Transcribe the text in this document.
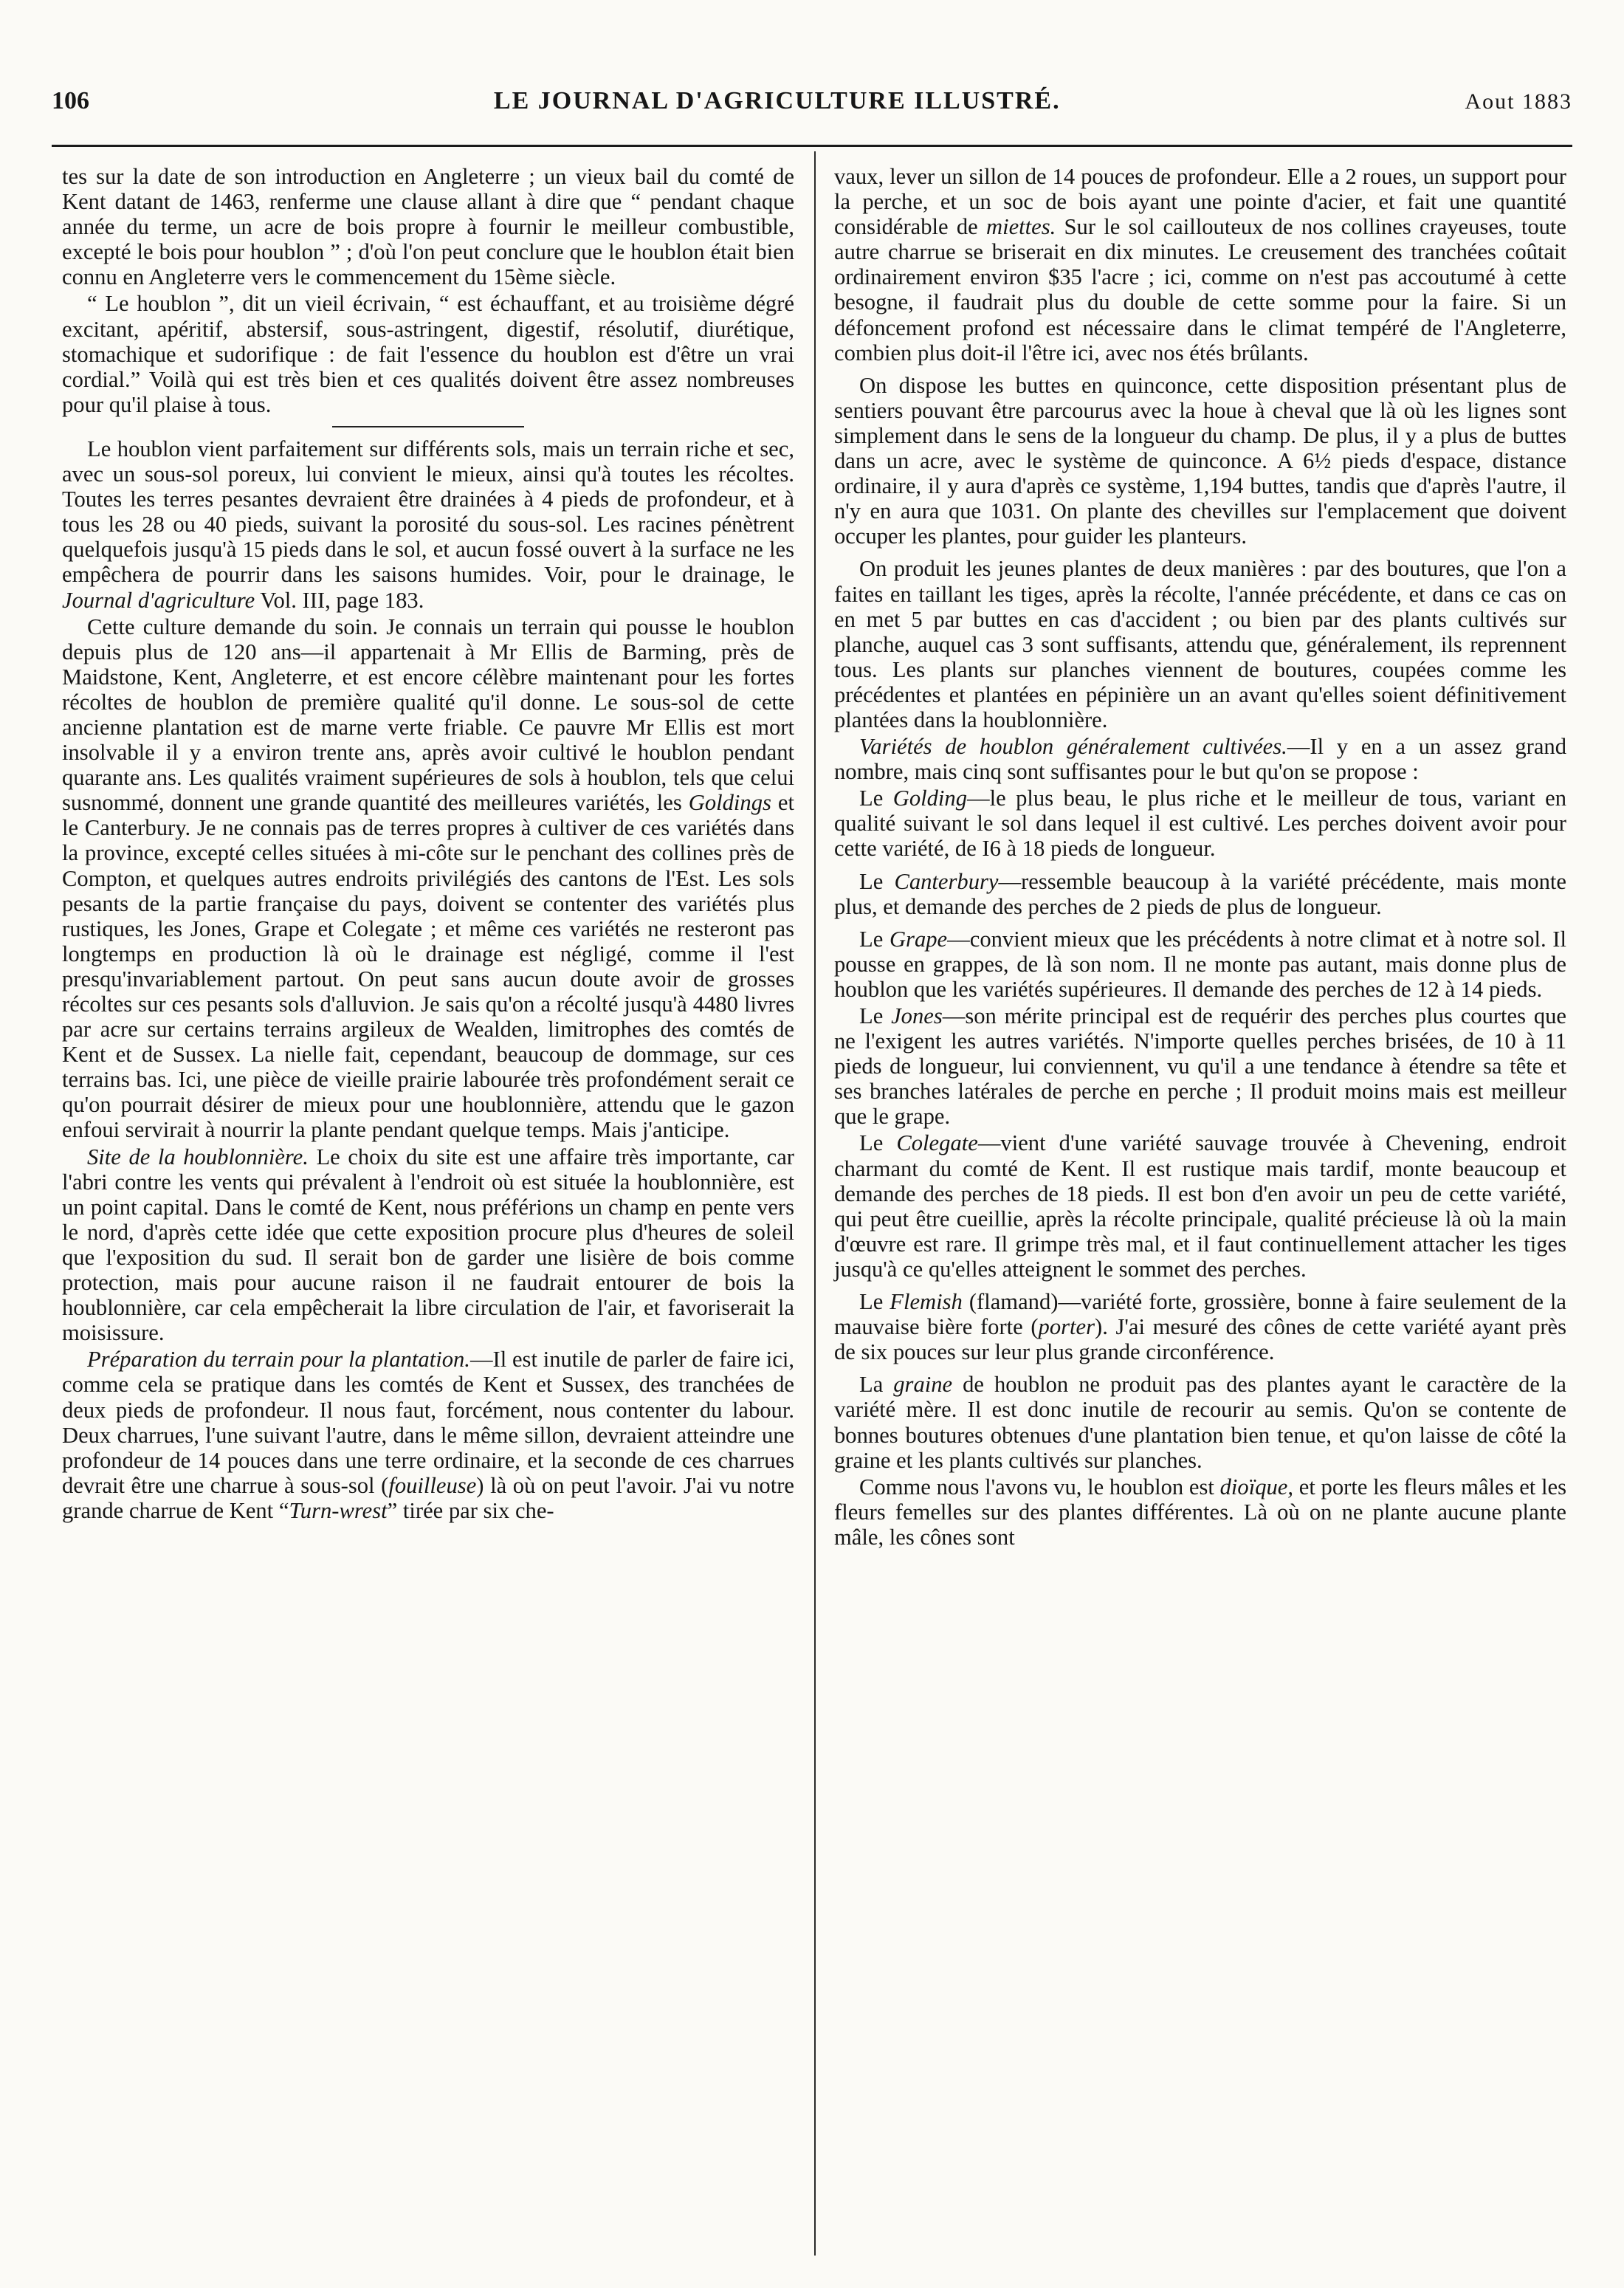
106	LE JOURNAL D'AGRICULTURE ILLUSTRÉ.	Aout 1883

tes sur la date de son introduction en Angleterre ; un vieux bail du comté de Kent datant de 1463, renferme une clause allant à dire que “ pendant chaque année du terme, un acre de bois propre à fournir le meilleur combustible, excepté le bois pour houblon ” ; d'où l'on peut conclure que le houblon était bien connu en Angleterre vers le commencement du 15ème siècle.

“ Le houblon ”, dit un vieil écrivain, “ est échauffant, et au troisième dégré excitant, apéritif, abstersif, sous-astringent, digestif, résolutif, diurétique, stomachique et sudorifique : de fait l'essence du houblon est d'être un vrai cordial.” Voilà qui est très bien et ces qualités doivent être assez nombreuses pour qu'il plaise à tous.

Le houblon vient parfaitement sur différents sols, mais un terrain riche et sec, avec un sous-sol poreux, lui convient le mieux, ainsi qu'à toutes les récoltes. Toutes les terres pesantes devraient être drainées à 4 pieds de profondeur, et à tous les 28 ou 40 pieds, suivant la porosité du sous-sol. Les racines pénètrent quelquefois jusqu'à 15 pieds dans le sol, et aucun fossé ouvert à la surface ne les empêchera de pourrir dans les saisons humides. Voir, pour le drainage, le Journal d'agriculture Vol. III, page 183.

Cette culture demande du soin. Je connais un terrain qui pousse le houblon depuis plus de 120 ans—il appartenait à Mr Ellis de Barming, près de Maidstone, Kent, Angleterre, et est encore célèbre maintenant pour les fortes récoltes de houblon de première qualité qu'il donne. Le sous-sol de cette ancienne plantation est de marne verte friable. Ce pauvre Mr Ellis est mort insolvable il y a environ trente ans, après avoir cultivé le houblon pendant quarante ans. Les qualités vraiment supérieures de sols à houblon, tels que celui susnommé, donnent une grande quantité des meilleures variétés, les Goldings et le Canterbury. Je ne connais pas de terres propres à cultiver de ces variétés dans la province, excepté celles situées à mi-côte sur le penchant des collines près de Compton, et quelques autres endroits privilégiés des cantons de l'Est. Les sols pesants de la partie française du pays, doivent se contenter des variétés plus rustiques, les Jones, Grape et Colegate ; et même ces variétés ne resteront pas longtemps en production là où le drainage est négligé, comme il l'est presqu'invariablement partout. On peut sans aucun doute avoir de grosses récoltes sur ces pesants sols d'alluvion. Je sais qu'on a récolté jusqu'à 4480 livres par acre sur certains terrains argileux de Wealden, limitrophes des comtés de Kent et de Sussex. La nielle fait, cependant, beaucoup de dommage, sur ces terrains bas. Ici, une pièce de vieille prairie labourée très profondément serait ce qu'on pourrait désirer de mieux pour une houblonnière, attendu que le gazon enfoui servirait à nourrir la plante pendant quelque temps. Mais j'anticipe.

Site de la houblonnière. Le choix du site est une affaire très importante, car l'abri contre les vents qui prévalent à l'endroit où est située la houblonnière, est un point capital. Dans le comté de Kent, nous préférions un champ en pente vers le nord, d'après cette idée que cette exposition procure plus d'heures de soleil que l'exposition du sud. Il serait bon de garder une lisière de bois comme protection, mais pour aucune raison il ne faudrait entourer de bois la houblonnière, car cela empêcherait la libre circulation de l'air, et favoriserait la moisissure.

Préparation du terrain pour la plantation.—Il est inutile de parler de faire ici, comme cela se pratique dans les comtés de Kent et Sussex, des tranchées de deux pieds de profondeur. Il nous faut, forcément, nous contenter du labour. Deux charrues, l'une suivant l'autre, dans le même sillon, devraient atteindre une profondeur de 14 pouces dans une terre ordinaire, et la seconde de ces charrues devrait être une charrue à sous-sol (fouilleuse) là où on peut l'avoir. J'ai vu notre grande charrue de Kent “Turn-wrest” tirée par six che-

vaux, lever un sillon de 14 pouces de profondeur. Elle a 2 roues, un support pour la perche, et un soc de bois ayant une pointe d'acier, et fait une quantité considérable de miettes. Sur le sol caillouteux de nos collines crayeuses, toute autre charrue se briserait en dix minutes. Le creusement des tranchées coûtait ordinairement environ $35 l'acre ; ici, comme on n'est pas accoutumé à cette besogne, il faudrait plus du double de cette somme pour la faire. Si un défoncement profond est nécessaire dans le climat tempéré de l'Angleterre, combien plus doit-il l'être ici, avec nos étés brûlants.

On dispose les buttes en quinconce, cette disposition présentant plus de sentiers pouvant être parcourus avec la houe à cheval que là où les lignes sont simplement dans le sens de la longueur du champ. De plus, il y a plus de buttes dans un acre, avec le système de quinconce. A 6½ pieds d'espace, distance ordinaire, il y aura d'après ce système, 1,194 buttes, tandis que d'après l'autre, il n'y en aura que 1031. On plante des chevilles sur l'emplacement que doivent occuper les plantes, pour guider les planteurs.

On produit les jeunes plantes de deux manières : par des boutures, que l'on a faites en taillant les tiges, après la récolte, l'année précédente, et dans ce cas on en met 5 par buttes en cas d'accident ; ou bien par des plants cultivés sur planche, auquel cas 3 sont suffisants, attendu que, généralement, ils reprennent tous. Les plants sur planches viennent de boutures, coupées comme les précédentes et plantées en pépinière un an avant qu'elles soient définitivement plantées dans la houblonnière.

Variétés de houblon généralement cultivées.—Il y en a un assez grand nombre, mais cinq sont suffisantes pour le but qu'on se propose :

Le Golding—le plus beau, le plus riche et le meilleur de tous, variant en qualité suivant le sol dans lequel il est cultivé. Les perches doivent avoir pour cette variété, de I6 à 18 pieds de longueur.

Le Canterbury—ressemble beaucoup à la variété précédente, mais monte plus, et demande des perches de 2 pieds de plus de longueur.

Le Grape—convient mieux que les précédents à notre climat et à notre sol. Il pousse en grappes, de là son nom. Il ne monte pas autant, mais donne plus de houblon que les variétés supérieures. Il demande des perches de 12 à 14 pieds.

Le Jones—son mérite principal est de requérir des perches plus courtes que ne l'exigent les autres variétés. N'importe quelles perches brisées, de 10 à 11 pieds de longueur, lui conviennent, vu qu'il a une tendance à étendre sa tête et ses branches latérales de perche en perche ; Il produit moins mais est meilleur que le grape.

Le Colegate—vient d'une variété sauvage trouvée à Chevening, endroit charmant du comté de Kent. Il est rustique mais tardif, monte beaucoup et demande des perches de 18 pieds. Il est bon d'en avoir un peu de cette variété, qui peut être cueillie, après la récolte principale, qualité précieuse là où la main d'œuvre est rare. Il grimpe très mal, et il faut continuellement attacher les tiges jusqu'à ce qu'elles atteignent le sommet des perches.

Le Flemish (flamand)—variété forte, grossière, bonne à faire seulement de la mauvaise bière forte (porter). J'ai mesuré des cônes de cette variété ayant près de six pouces sur leur plus grande circonférence.

La graine de houblon ne produit pas des plantes ayant le caractère de la variété mère. Il est donc inutile de recourir au semis. Qu'on se contente de bonnes boutures obtenues d'une plantation bien tenue, et qu'on laisse de côté la graine et les plants cultivés sur planches.

Comme nous l'avons vu, le houblon est dioïque, et porte les fleurs mâles et les fleurs femelles sur des plantes différentes. Là où on ne plante aucune plante mâle, les cônes sont
